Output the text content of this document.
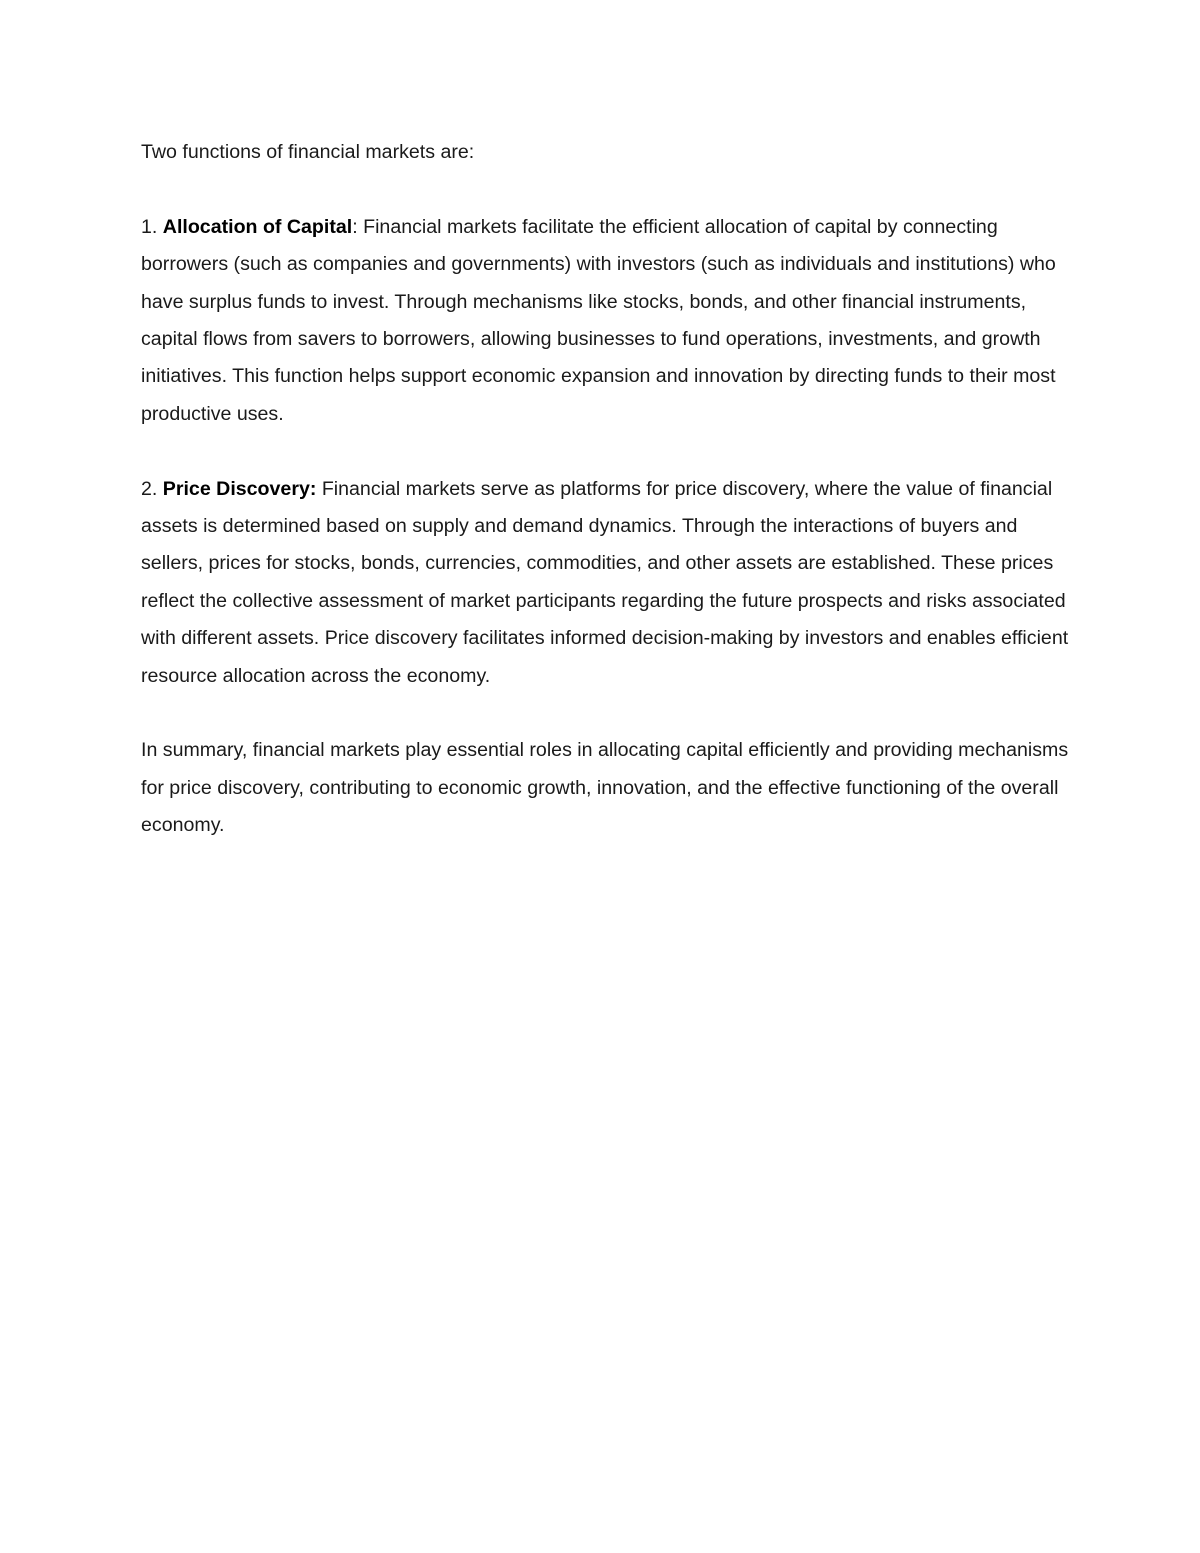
Two functions of financial markets are:

1. Allocation of Capital: Financial markets facilitate the efficient allocation of capital by connecting borrowers (such as companies and governments) with investors (such as individuals and institutions) who have surplus funds to invest. Through mechanisms like stocks, bonds, and other financial instruments, capital flows from savers to borrowers, allowing businesses to fund operations, investments, and growth initiatives. This function helps support economic expansion and innovation by directing funds to their most productive uses.

2. Price Discovery: Financial markets serve as platforms for price discovery, where the value of financial assets is determined based on supply and demand dynamics. Through the interactions of buyers and sellers, prices for stocks, bonds, currencies, commodities, and other assets are established. These prices reflect the collective assessment of market participants regarding the future prospects and risks associated with different assets. Price discovery facilitates informed decision-making by investors and enables efficient resource allocation across the economy.

In summary, financial markets play essential roles in allocating capital efficiently and providing mechanisms for price discovery, contributing to economic growth, innovation, and the effective functioning of the overall economy.
